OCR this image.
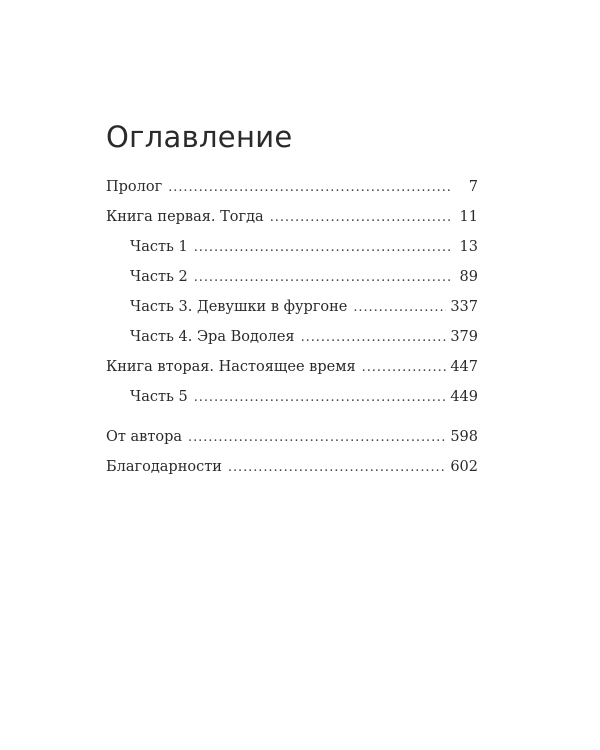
Оглавление
Пролог . . .	7
Книга первая. Тогда . . .	11
Часть 1 . . .	13
Часть 2 . . .	89
Часть 3. Девушки в фургоне . . .	337
Часть 4. Эра Водолея . . .	379
Книга вторая. Настоящее время . . .	447
Часть 5 . . .	449
От автора . . .	598
Благодарности . . .	602
